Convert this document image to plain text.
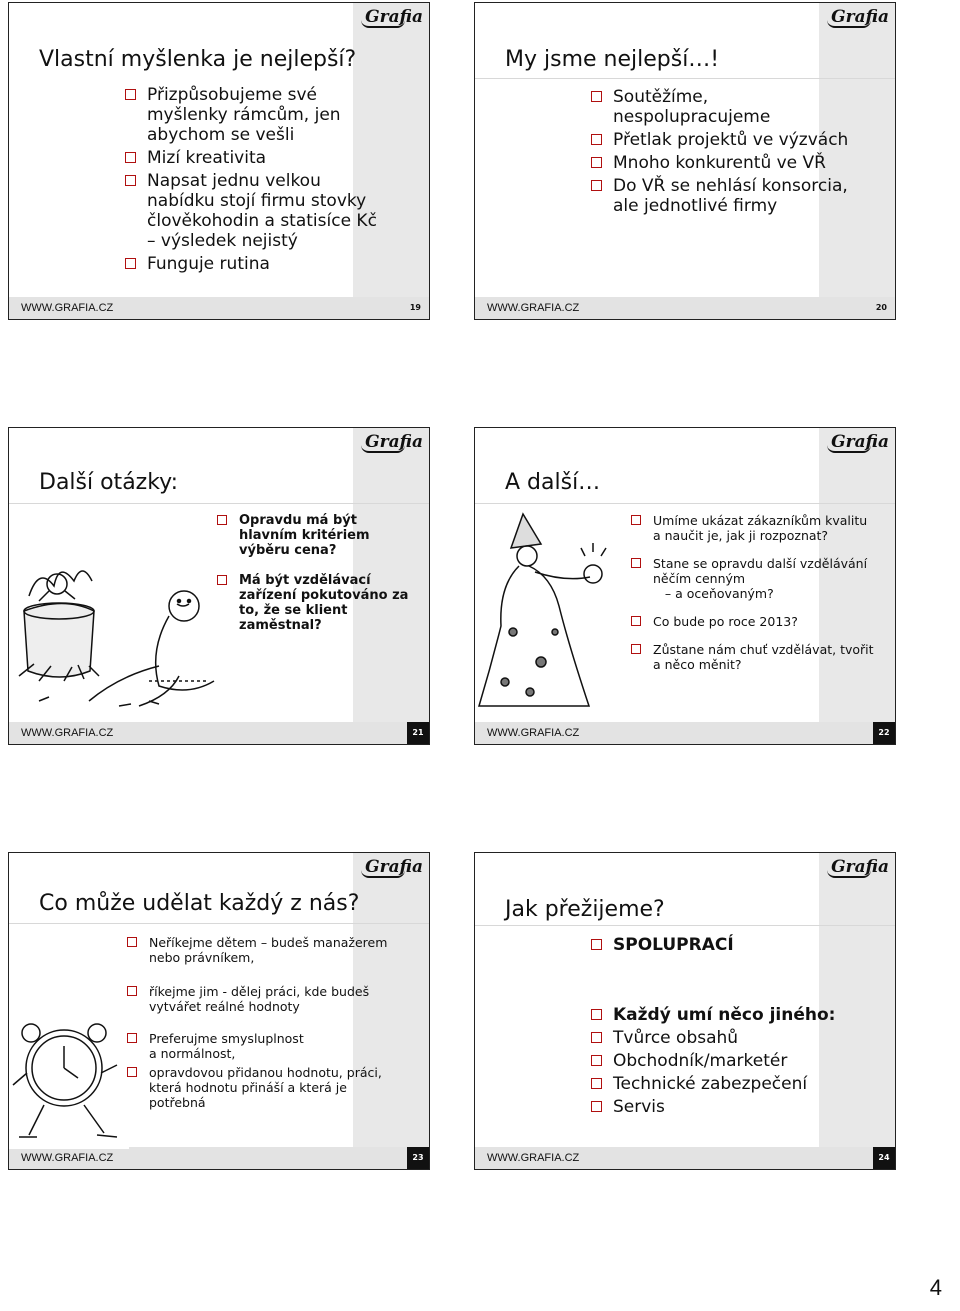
Grafia
Vlastní myšlenka je nejlepší?
Přizpůsobujeme své
myšlenky rámcům, jen
abychom se vešli
Mizí kreativita
Napsat jednu velkou
nabídku stojí firmu stovky
člověkohodin a statisíce Kč
– výsledek nejistý
Funguje rutina
WWW.GRAFIA.CZ	19
Grafia
My jsme nejlepší…!
Soutěžíme,
nespolupracujeme
Přetlak projektů ve výzvách
Mnoho konkurentů ve VŘ
Do VŘ se nehlásí konsorcia,
ale jednotlivé firmy
WWW.GRAFIA.CZ	20
Grafia
Další otázky:
Opravdu má být
hlavním kritériem
výběru cena?
Má být vzdělávací
zařízení pokutováno za
to, že se klient
zaměstnal?
WWW.GRAFIA.CZ	21
Grafia
A další…
Umíme ukázat zákazníkům kvalitu
a naučit je, jak ji rozpoznat?
Stane se opravdu další vzdělávání
něčím cenným
– a oceňovaným?
Co bude po roce 2013?
Zůstane nám chuť vzdělávat, tvořit
a něco měnit?
WWW.GRAFIA.CZ	22
Grafia
Co může udělat každý z nás?
Neříkejme dětem – budeš manažerem
nebo právníkem,
říkejme jim - dělej práci, kde budeš
vytvářet reálné hodnoty
Preferujme smysluplnost
a normálnost,
opravdovou přidanou hodnotu, práci,
která hodnotu přináší a která je
potřebná
WWW.GRAFIA.CZ	23
Grafia
Jak přežijeme?
SPOLUPRACÍ
Každý umí něco jiného:
Tvůrce obsahů
Obchodník/marketér
Technické zabezpečení
Servis
WWW.GRAFIA.CZ	24
4
